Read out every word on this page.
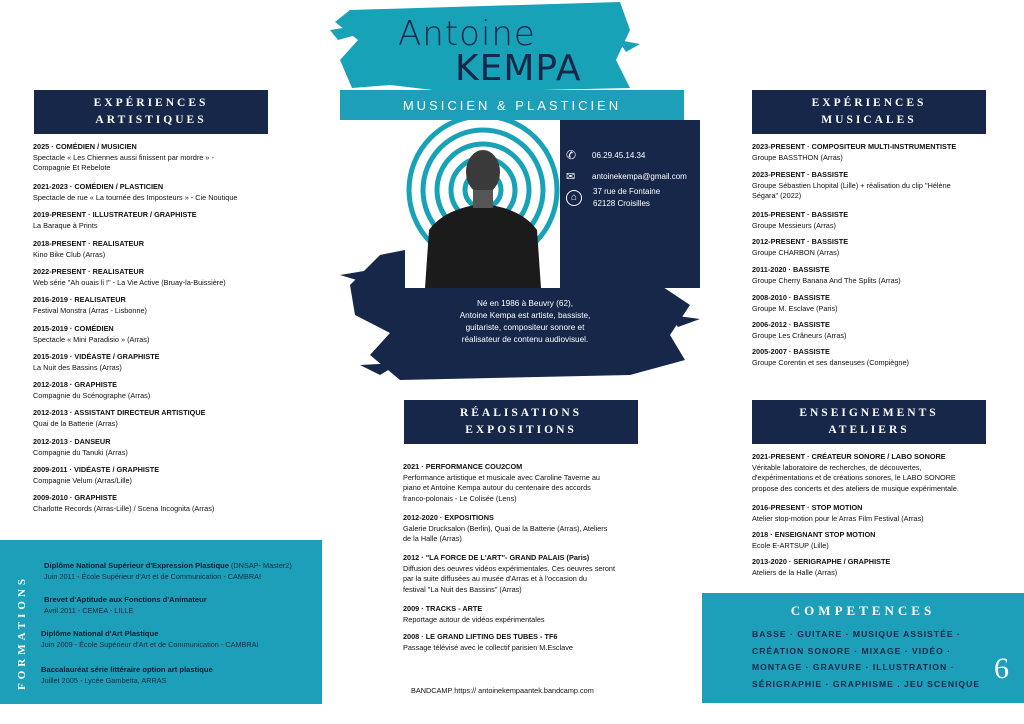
Antoine
KEMPA
MUSICIEN & PLASTICIEN
✆	06.29.45.14.34
✉	antoinekempa@gmail.com
⌂
37 rue de Fontaine
62128 Croisilles
Né en 1986 à Beuvry (62),
Antoine Kempa est artiste, bassiste,
guitariste, compositeur sonore et
réalisateur de contenu audiovisuel.
EXPÉRIENCES
ARTISTIQUES
2025 · COMÉDIEN / MUSICIEN
Spectacle « Les Chiennes aussi finissent par mordre » -
Compagnie Et Rebelote
2021-2023 · COMÉDIEN / PLASTICIEN
Spectacle de rue « La tournée des Imposteurs » - Cie Noutique
2019-PRESENT · ILLUSTRATEUR / GRAPHISTE
La Baraque à Prints
2018-PRESENT · REALISATEUR
Kino Bike Club (Arras)
2022-PRESENT · REALISATEUR
Web série "Ah ouais li !" - La Vie Active (Bruay-la-Buissière)
2016-2019 · REALISATEUR
Festival Monstra (Arras - Lisbonne)
2015-2019 · COMÉDIEN
Spectacle « Mini Paradisio » (Arras)
2015-2019 · VIDÉASTE / GRAPHISTE
La Nuit des Bassins (Arras)
2012-2018 · GRAPHISTE
Compagnie du Scénographe (Arras)
2012-2013 · ASSISTANT DIRECTEUR ARTISTIQUE
Quai de la Batterie (Arras)
2012-2013 · DANSEUR
Compagnie du Tanuki (Arras)
2009-2011 · VIDÉASTE / GRAPHISTE
Compagnie Velum (Arras/Lille)
2009-2010 · GRAPHISTE
Charlotte Records (Arras-Lille) / Scena Incognita (Arras)
FORMATIONS
Diplôme National Supérieur d'Expression Plastique (DNSAP- Master2)
Juin 2011 - École Supérieur d'Art et de Communication - CAMBRAI
Brevet d'Aptitude aux Fonctions d'Animateur
Avril 2011 - CEMEA - LILLE
Diplôme National d'Art Plastique
Juin 2009 - École Supérieur d'Art et de Communication - CAMBRAI
Baccalauréat série littéraire option art plastique
Juillet 2005 - Lycée Gambetta, ARRAS
RÉALISATIONS
EXPOSITIONS
2021 · PERFORMANCE COU2COM
Performance artistique et musicale avec Caroline Taverne au
piano et Antoine Kempa autour du centenaire des accords
franco-polonais - Le Colisée (Lens)
2012-2020 · EXPOSITIONS
Galerie Drucksalon (Berlin), Quai de la Batterie (Arras), Ateliers
de la Halle (Arras)
2012 · "LA FORCE DE L'ART"- GRAND PALAIS (Paris)
Diffusion des oeuvres vidéos expérimentales. Ces oeuvres seront
par la suite diffusées au musée d'Arras et à l'occasion du
festival "La Nuit des Bassins" (Arras)
2009 · TRACKS - ARTE
Reportage autour de vidéos expérimentales
2008 · LE GRAND LIFTING DES TUBES - TF6
Passage télévisé avec le collectif parisien M.Esclave
BANDCAMP https:// antoinekempaantek.bandcamp.com
EXPÉRIENCES
MUSICALES
2023-PRESENT · COMPOSITEUR MULTI-INSTRUMENTISTE
Groupe BASSTHON (Arras)
2023-PRESENT · BASSISTE
Groupe Sébastien Lhopital (Lille) + réalisation du clip "Hélène
Ségara" (2022)
2015-PRESENT · BASSISTE
Groupe Messieurs (Arras)
2012-PRESENT · BASSISTE
Groupe CHARBON (Arras)
2011-2020 · BASSISTE
Groupe Cherry Banana And The Splits (Arras)
2008-2010 · BASSISTE
Groupe M. Esclave (Paris)
2006-2012 · BASSISTE
Groupe Les Crâneurs (Arras)
2005-2007 · BASSISTE
Groupe Corentin et ses danseuses (Compiègne)
ENSEIGNEMENTS
ATELIERS
2021-PRESENT · CRÉATEUR SONORE / LABO SONORE
Véritable laboratoire de recherches, de découvertes,
d'expérimentations et de créations sonores, le LABO SONORE
propose des concerts et des ateliers de musique expérimentale.
2016-PRESENT · STOP MOTION
Atelier stop-motion pour le Arras Film Festival (Arras)
2018 · ENSEIGNANT STOP MOTION
Ecole E-ARTSUP (Lille)
2013-2020 · SERIGRAPHE / GRAPHISTE
Ateliers de la Halle (Arras)
COMPETENCES
BASSE · GUITARE · MUSIQUE ASSISTÉE ·
CRÉATION SONORE · MIXAGE · VIDÉO ·
MONTAGE · GRAVURE · ILLUSTRATION ·
SÉRIGRAPHIE · GRAPHISME . JEU SCENIQUE 6
